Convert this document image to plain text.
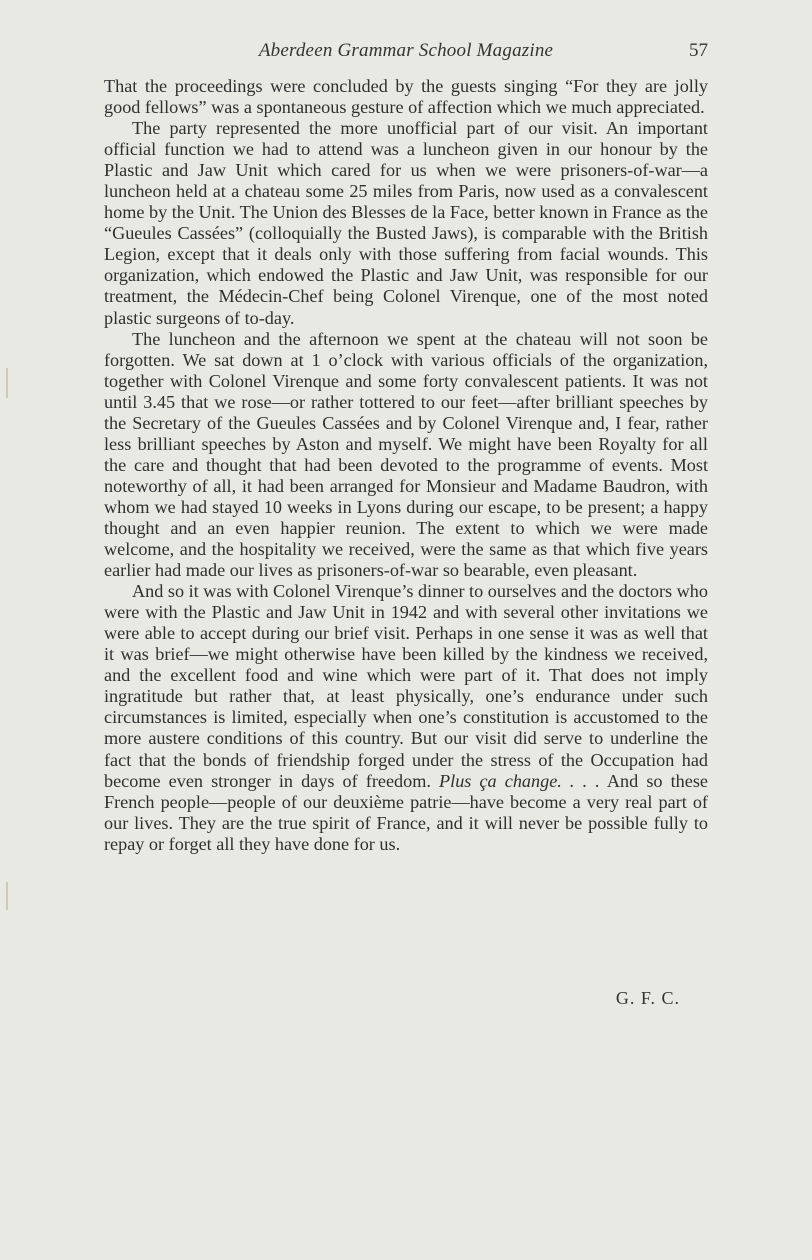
Aberdeen Grammar School Magazine	57

That the proceedings were concluded by the guests singing “For they are jolly good fellows” was a spontaneous gesture of affection which we much appreciated.

The party represented the more unofficial part of our visit. An important official function we had to attend was a luncheon given in our honour by the Plastic and Jaw Unit which cared for us when we were prisoners-of-war—a luncheon held at a chateau some 25 miles from Paris, now used as a convalescent home by the Unit. The Union des Blesses de la Face, better known in France as the “Gueules Cassées” (colloquially the Busted Jaws), is comparable with the British Legion, except that it deals only with those suffering from facial wounds. This organization, which endowed the Plastic and Jaw Unit, was responsible for our treatment, the Médecin-Chef being Colonel Virenque, one of the most noted plastic surgeons of to-day.

The luncheon and the afternoon we spent at the chateau will not soon be forgotten. We sat down at 1 o’clock with various officials of the organization, together with Colonel Virenque and some forty convalescent patients. It was not until 3.45 that we rose—or rather tottered to our feet—after brilliant speeches by the Secretary of the Gueules Cassées and by Colonel Virenque and, I fear, rather less brilliant speeches by Aston and myself. We might have been Royalty for all the care and thought that had been devoted to the programme of events. Most noteworthy of all, it had been arranged for Monsieur and Madame Baudron, with whom we had stayed 10 weeks in Lyons during our escape, to be present; a happy thought and an even happier reunion. The extent to which we were made welcome, and the hospitality we received, were the same as that which five years earlier had made our lives as prisoners-of-war so bearable, even pleasant.

And so it was with Colonel Virenque’s dinner to ourselves and the doctors who were with the Plastic and Jaw Unit in 1942 and with several other invitations we were able to accept during our brief visit. Perhaps in one sense it was as well that it was brief—we might otherwise have been killed by the kindness we received, and the excellent food and wine which were part of it. That does not imply ingratitude but rather that, at least physically, one’s endurance under such circumstances is limited, especially when one’s constitution is accustomed to the more austere conditions of this country. But our visit did serve to underline the fact that the bonds of friendship forged under the stress of the Occupation had become even stronger in days of freedom. Plus ça change. . . . And so these French people—people of our deuxième patrie—have become a very real part of our lives. They are the true spirit of France, and it will never be possible fully to repay or forget all they have done for us.

G. F. C.
